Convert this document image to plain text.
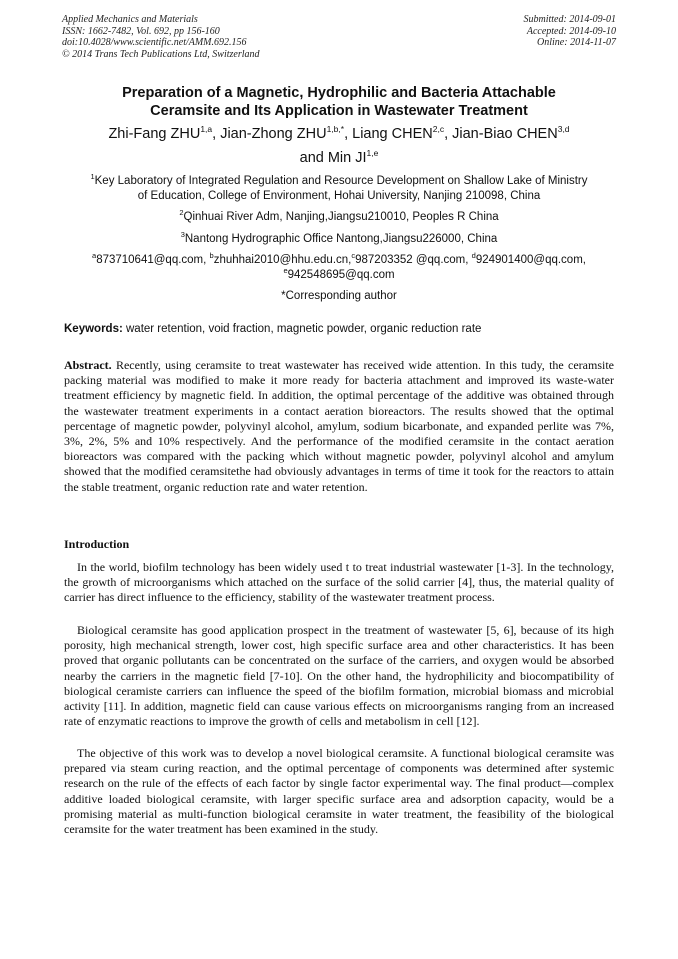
Applied Mechanics and Materials
ISSN: 1662-7482, Vol. 692, pp 156-160
doi:10.4028/www.scientific.net/AMM.692.156
© 2014 Trans Tech Publications Ltd, Switzerland
Submitted: 2014-09-01
Accepted: 2014-09-10
Online: 2014-11-07
Preparation of a Magnetic, Hydrophilic and Bacteria Attachable
Ceramsite and Its Application in Wastewater Treatment
Zhi-Fang ZHU$^{1,a}$, Jian-Zhong $ZHU^{1,b,*}$, Liang CHEN$^{2,c}$, Jian-Biao CHEN$^{3,d}$
and Min JI$^{1,e}$
$^1$Key Laboratory of Integrated Regulation and Resource Development on Shallow Lake of Ministry
of Education, College of Environment, Hohai University, Nanjing 210098, China
$^2$Qinhuai River Adm, Nanjing,Jiangsu210010, Peoples R China
$^3$Nantong Hydrographic Office Nantong,Jiangsu226000, China
$^a$873710641@qq.com, $^b$zhuhhai2010@hhu.edu.cn,$^c$987203352 @qq.com, $^d$924901400@qq.com,
$^e$942548695@qq.com
*Corresponding author
Keywords: water retention, void fraction, magnetic powder, organic reduction rate
Abstract. Recently, using ceramsite to treat wastewater has received wide attention. In this tudy, the ceramsite packing material was modified to make it more ready for bacteria attachment and improved its waste-water treatment efficiency by magnetic field. In addition, the optimal percentage of the additive was obtained through the wastewater treatment experiments in a contact aeration bioreactors. The results showed that the optimal percentage of magnetic powder, polyvinyl alcohol, amylum, sodium bicarbonate, and expanded perlite was 7%, 3%, 2%, 5% and 10% respectively. And the performance of the modified ceramsite in the contact aeration bioreactors was compared with the packing which without magnetic powder, polyvinyl alcohol and amylum showed that the modified ceramsitethe had obviously advantages in terms of time it took for the reactors to attain the stable treatment, organic reduction rate and water retention.
Introduction
In the world, biofilm technology has been widely used t to treat industrial wastewater [1-3]. In the technology, the growth of microorganisms which attached on the surface of the solid carrier [4], thus, the material quality of carrier has direct influence to the efficiency, stability of the wastewater treatment process.
Biological ceramsite has good application prospect in the treatment of wastewater [5, 6], because of its high porosity, high mechanical strength, lower cost, high specific surface area and other characteristics. It has been proved that organic pollutants can be concentrated on the surface of the carriers, and oxygen would be absorbed nearby the carriers in the magnetic field [7-10]. On the other hand, the hydrophilicity and biocompatibility of biological ceramiste carriers can influence the speed of the biofilm formation, microbial biomass and microbial activity [11]. In addition, magnetic field can cause various effects on microorganisms ranging from an increased rate of enzymatic reactions to improve the growth of cells and metabolism in cell [12].
The objective of this work was to develop a novel biological ceramsite. A functional biological ceramsite was prepared via steam curing reaction, and the optimal percentage of components was determined after systemic research on the rule of the effects of each factor by single factor experimental way. The final product—complex additive loaded biological ceramsite, with larger specific surface area and adsorption capacity, would be a promising material as multi-function biological ceramsite in water treatment, the feasibility of the biological ceramsite for the water treatment has been examined in the study.
